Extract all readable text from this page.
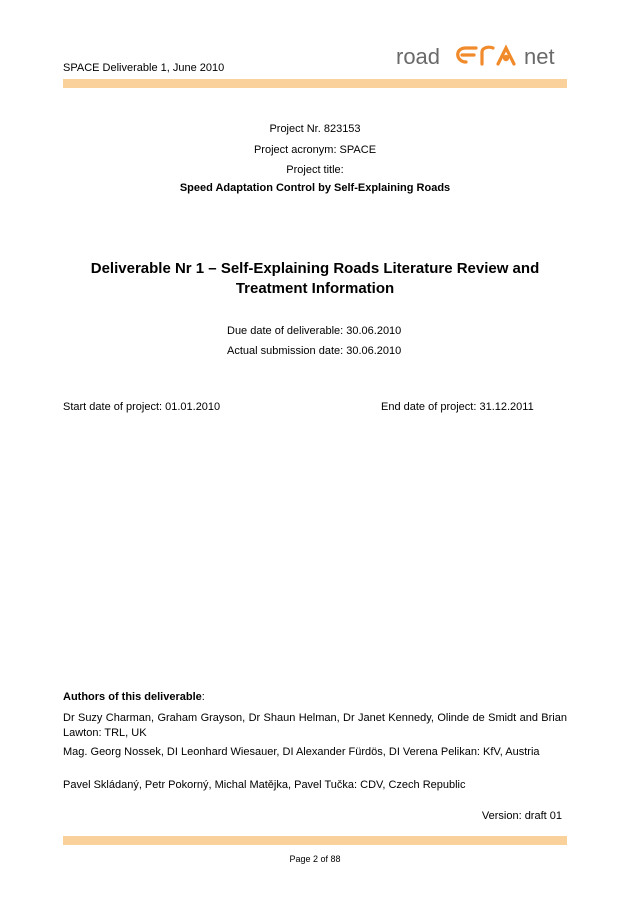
SPACE Deliverable 1, June 2010	road	net
Project Nr. 823153
Project acronym: SPACE
Project title:
Speed Adaptation Control by Self-Explaining Roads
Deliverable Nr 1 – Self-Explaining Roads Literature Review and Treatment Information
Due date of deliverable: 30.06.2010
Actual submission date: 30.06.2010
Start date of project: 01.01.2010	End date of project: 31.12.2011
Authors of this deliverable:
Dr Suzy Charman, Graham Grayson, Dr Shaun Helman, Dr Janet Kennedy, Olinde de Smidt and Brian Lawton: TRL, UK
Mag. Georg Nossek, DI Leonhard Wiesauer, DI Alexander Fürdös, DI Verena Pelikan: KfV, Austria
Pavel Skládaný, Petr Pokorný, Michal Matějka, Pavel Tučka: CDV, Czech Republic
Version: draft 01
Page 2 of 88
